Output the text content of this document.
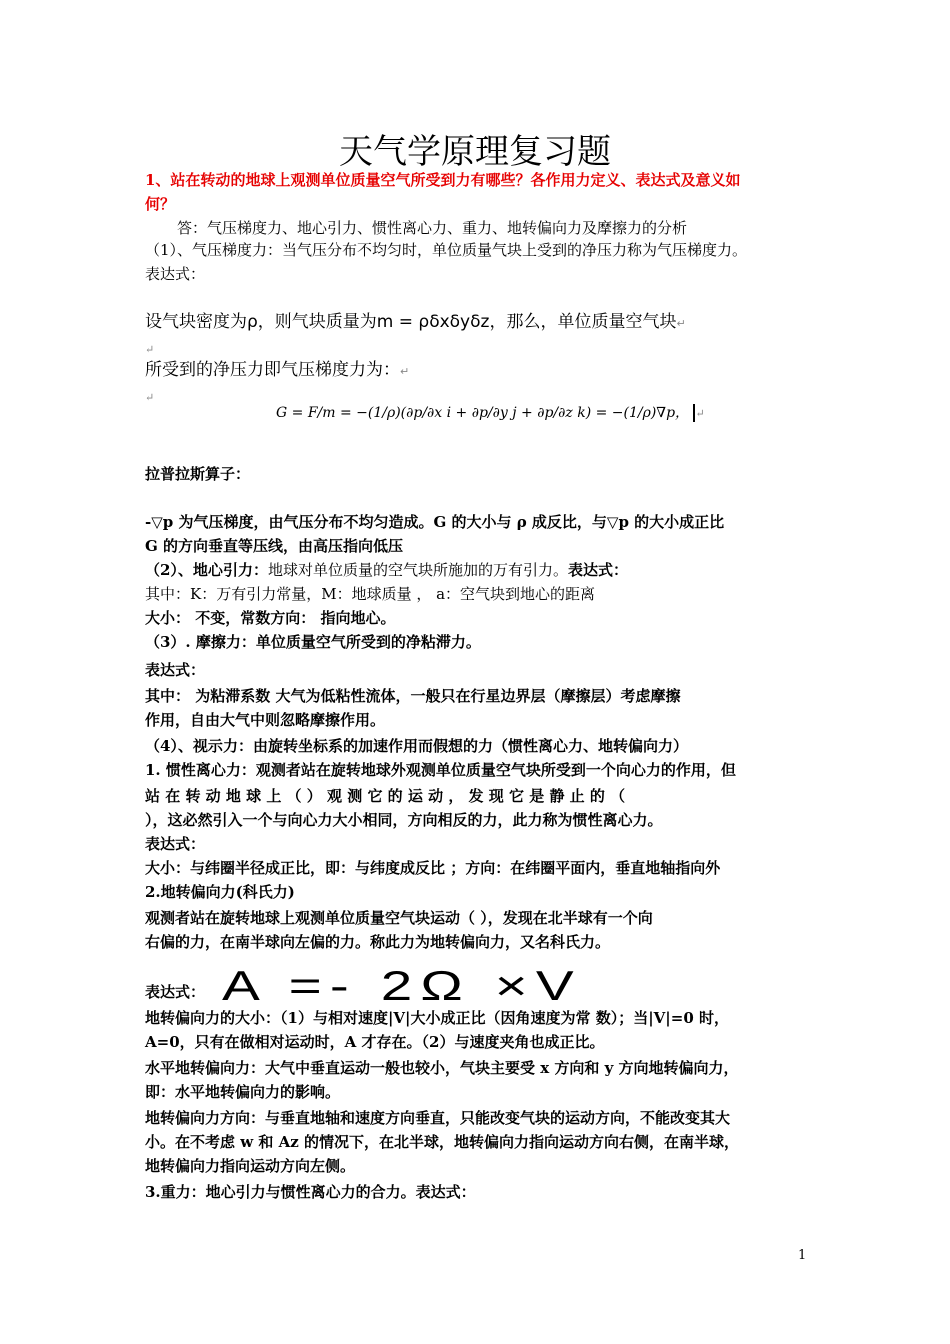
天气学原理复习题
1、站在转动的地球上观测单位质量空气所受到力有哪些？各作用力定义、表达式及意义如
何？
答：气压梯度力、地心引力、惯性离心力、重力、地转偏向力及摩擦力的分析
（1）、气压梯度力：当气压分布不均匀时，单位质量气块上受到的净压力称为气压梯度力。
表达式：
设气块密度为ρ，则气块质量为m = ρδxδyδz，那么，单位质量空气块↵
↵
所受到的净压力即气压梯度力为：↵
↵
G = F/m = −(1/ρ)(∂p/∂x i + ∂p/∂y j + ∂p/∂z k) = −(1/ρ)∇p， ↵
拉普拉斯算子：
-▽p 为气压梯度，由气压分布不均匀造成。G 的大小与 ρ 成反比，与▽p 的大小成正比
G 的方向垂直等压线，由高压指向低压
（2）、地心引力：地球对单位质量的空气块所施加的万有引力。表达式：
其中：K：万有引力常量，M：地球质量 ， a：空气块到地心的距离
大小： 不变，常数方向： 指向地心。
（3）. 摩擦力：单位质量空气所受到的净粘滞力。
表达式：
其中： 为粘滞系数 大气为低粘性流体，一般只在行星边界层（摩擦层）考虑摩擦
作用，自由大气中则忽略摩擦作用。
（4）、视示力：由旋转坐标系的加速作用而假想的力（惯性离心力、地转偏向力）
1. 惯性离心力：观测者站在旋转地球外观测单位质量空气块所受到一个向心力的作用，但
站 在 转 动 地 球 上 （ ） 观 测 它 的 运 动 ， 发 现 它 是 静 止 的 （
），这必然引入一个与向心力大小相同，方向相反的力，此力称为惯性离心力。
表达式：
大小：与纬圈半径成正比，即：与纬度成反比 ；方向：在纬圈平面内，垂直地轴指向外
2.地转偏向力(科氏力)
观测者站在旋转地球上观测单位质量空气块运动（ ），发现在北半球有一个向
右偏的力，在南半球向左偏的力。称此力为地转偏向力，又名科氏力。
表达式： A =- 2Ω ×V
地转偏向力的大小：（1）与相对速度|V|大小成正比（因角速度为常 数）；当|V|=0 时，
A=0，只有在做相对运动时，A 才存在。（2）与速度夹角也成正比。
水平地转偏向力：大气中垂直运动一般也较小，气块主要受 x 方向和 y 方向地转偏向力，
即：水平地转偏向力的影响。
地转偏向力方向：与垂直地轴和速度方向垂直，只能改变气块的运动方向，不能改变其大
小。在不考虑 w 和 Az 的情况下，在北半球，地转偏向力指向运动方向右侧，在南半球，
地转偏向力指向运动方向左侧。
3.重力：地心引力与惯性离心力的合力。表达式：
1
